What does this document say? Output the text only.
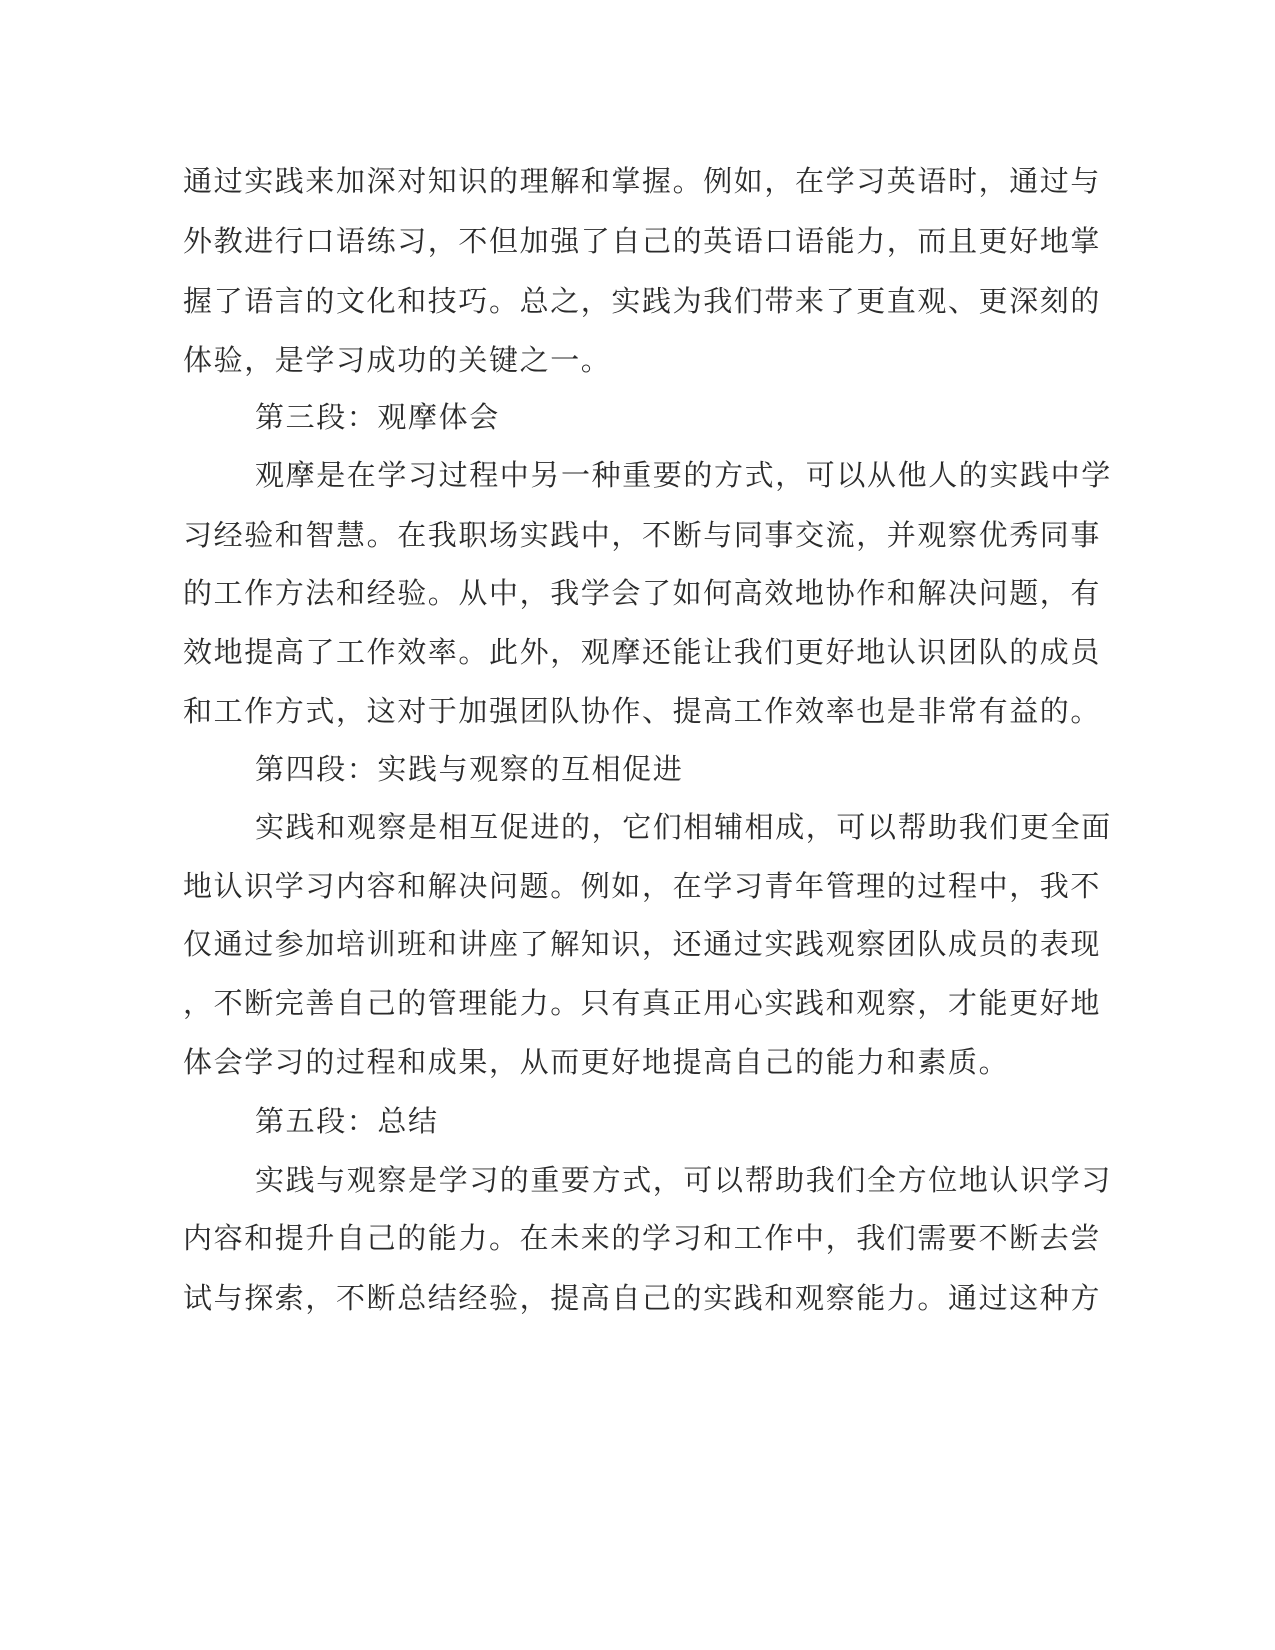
通过实践来加深对知识的理解和掌握。例如，在学习英语时，通过与
外教进行口语练习，不但加强了自己的英语口语能力，而且更好地掌
握了语言的文化和技巧。总之，实践为我们带来了更直观、更深刻的
体验，是学习成功的关键之一。
第三段：观摩体会
观摩是在学习过程中另一种重要的方式，可以从他人的实践中学
习经验和智慧。在我职场实践中，不断与同事交流，并观察优秀同事
的工作方法和经验。从中，我学会了如何高效地协作和解决问题，有
效地提高了工作效率。此外，观摩还能让我们更好地认识团队的成员
和工作方式，这对于加强团队协作、提高工作效率也是非常有益的。
第四段：实践与观察的互相促进
实践和观察是相互促进的，它们相辅相成，可以帮助我们更全面
地认识学习内容和解决问题。例如，在学习青年管理的过程中，我不
仅通过参加培训班和讲座了解知识，还通过实践观察团队成员的表现
，不断完善自己的管理能力。只有真正用心实践和观察，才能更好地
体会学习的过程和成果，从而更好地提高自己的能力和素质。
第五段：总结
实践与观察是学习的重要方式，可以帮助我们全方位地认识学习
内容和提升自己的能力。在未来的学习和工作中，我们需要不断去尝
试与探索，不断总结经验，提高自己的实践和观察能力。通过这种方
